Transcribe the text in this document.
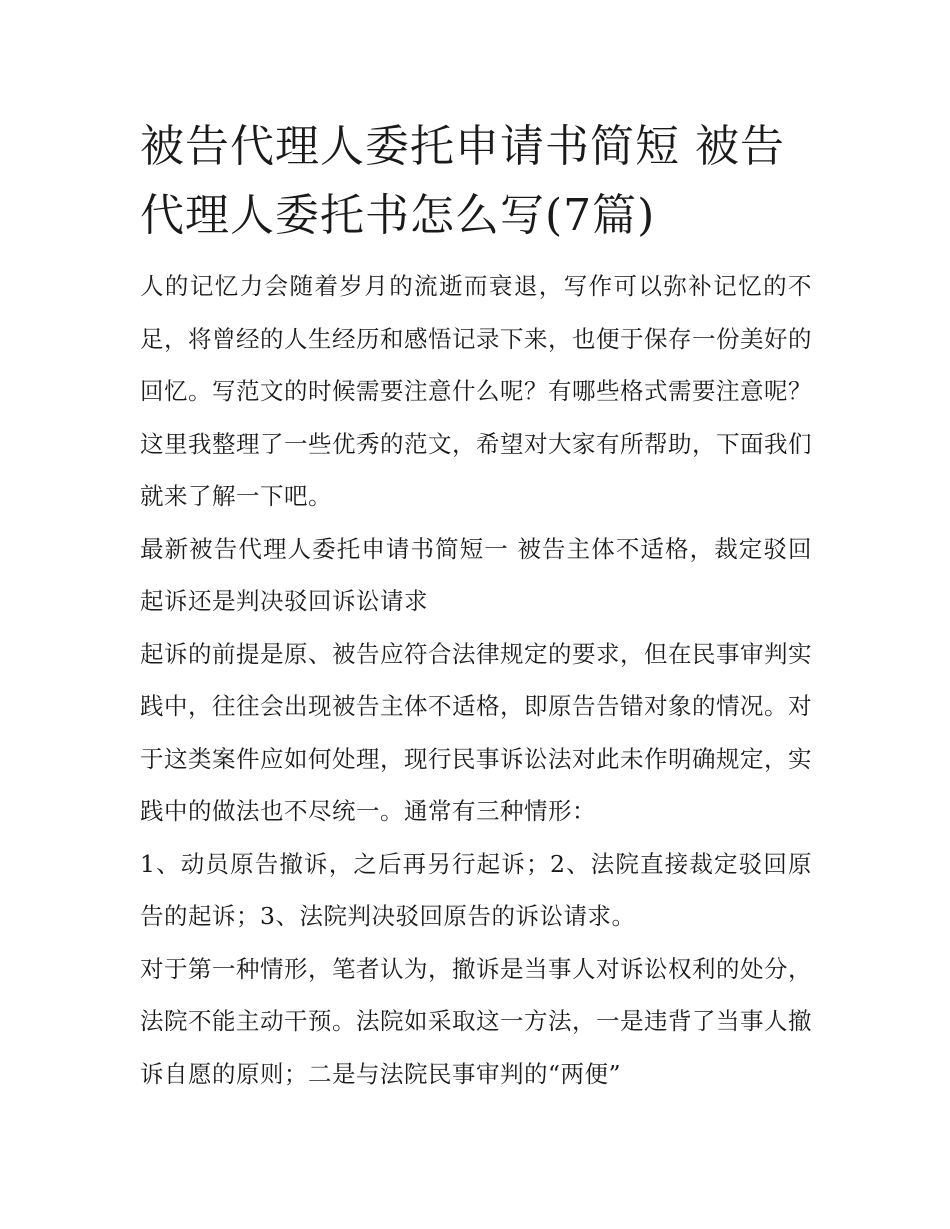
被告代理人委托申请书简短 被告代理人委托书怎么写(7篇)

人的记忆力会随着岁月的流逝而衰退，写作可以弥补记忆的不足，将曾经的人生经历和感悟记录下来，也便于保存一份美好的回忆。写范文的时候需要注意什么呢？有哪些格式需要注意呢？这里我整理了一些优秀的范文，希望对大家有所帮助，下面我们就来了解一下吧。

最新被告代理人委托申请书简短一 被告主体不适格，裁定驳回起诉还是判决驳回诉讼请求

起诉的前提是原、被告应符合法律规定的要求，但在民事审判实践中，往往会出现被告主体不适格，即原告告错对象的情况。对于这类案件应如何处理，现行民事诉讼法对此未作明确规定，实践中的做法也不尽统一。通常有三种情形：

1、动员原告撤诉，之后再另行起诉；2、法院直接裁定驳回原告的起诉；3、法院判决驳回原告的诉讼请求。

对于第一种情形，笔者认为，撤诉是当事人对诉讼权利的处分，法院不能主动干预。法院如采取这一方法，一是违背了当事人撤诉自愿的原则；二是与法院民事审判的“两便”
